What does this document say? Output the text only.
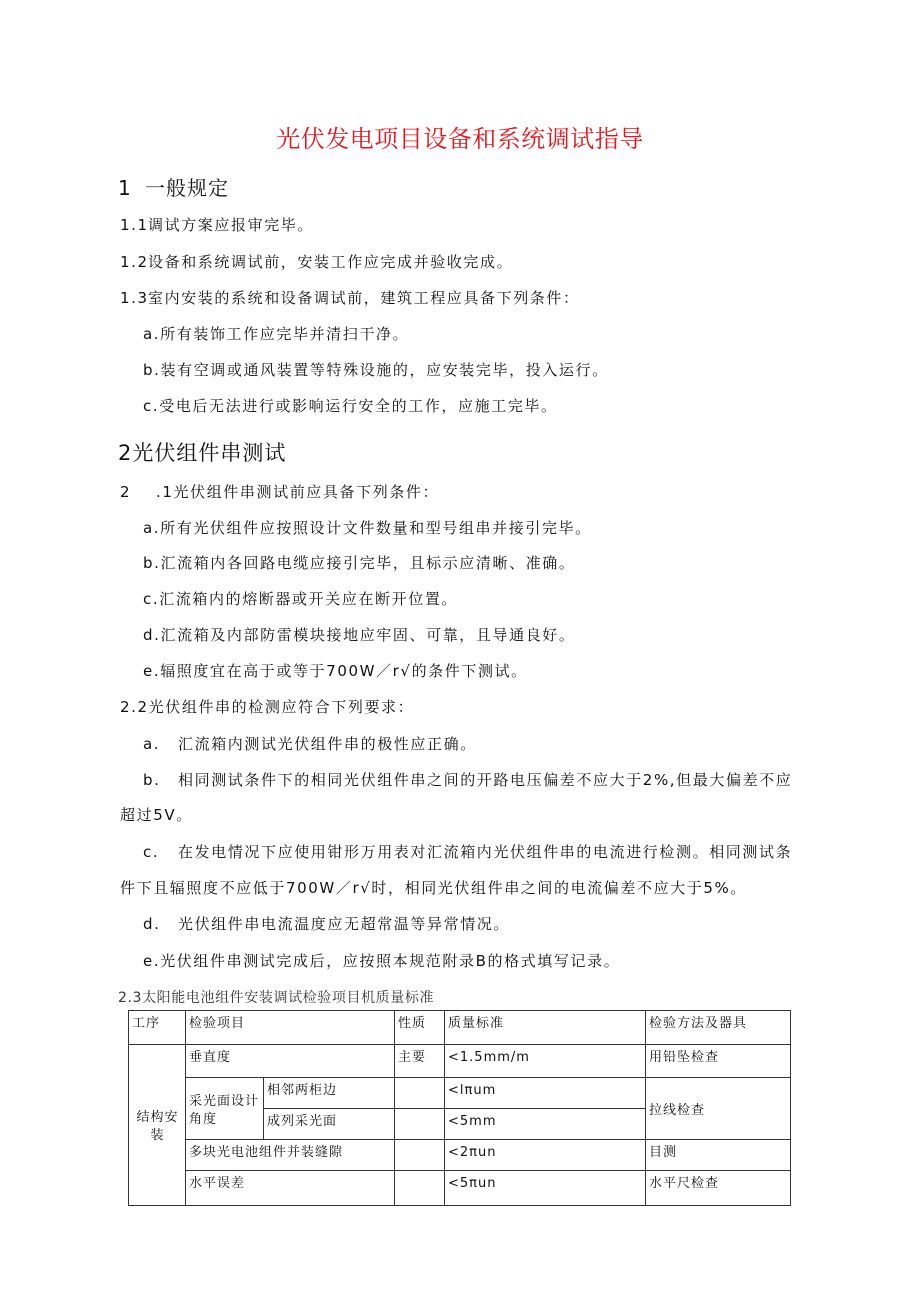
光伏发电项目设备和系统调试指导
1 一般规定
1.1 调试方案应报审完毕。
1.2 设备和系统调试前，安装工作应完成并验收完成。
1.3 室内安装的系统和设备调试前，建筑工程应具备下列条件：
a.所有装饰工作应完毕并清扫干净。
b.装有空调或通风装置等特殊设施的，应安装完毕，投入运行。
c.受电后无法进行或影响运行安全的工作，应施工完毕。
2光伏组件串测试
2 .1光伏组件串测试前应具备下列条件：
a.所有光伏组件应按照设计文件数量和型号组串并接引完毕。
b.汇流箱内各回路电缆应接引完毕，且标示应清晰、准确。
c.汇流箱内的熔断器或开关应在断开位置。
d.汇流箱及内部防雷模块接地应牢固、可靠，且导通良好。
e.辐照度宜在高于或等于700W／r√的条件下测试。
2.2光伏组件串的检测应符合下列要求：
a. 汇流箱内测试光伏组件串的极性应正确。
b. 相同测试条件下的相同光伏组件串之间的开路电压偏差不应大于2%,但最大偏差不应
超过5V。
c. 在发电情况下应使用钳形万用表对汇流箱内光伏组件串的电流进行检测。相同测试条
件下且辐照度不应低于700W／r√时，相同光伏组件串之间的电流偏差不应大于5%。
d. 光伏组件串电流温度应无超常温等异常情况。
e.光伏组件串测试完成后，应按照本规范附录B的格式填写记录。
2.3太阳能电池组件安装调试检验项目机质量标准
工序	检验项目		性质	质量标准	检验方法及器具
结构安装	垂直度		主要	<1.5mm/m	用铅坠检查
	采光面设计角度	相邻两柜边		<lπum	拉线检查
		成列采光面		<5mm	
	多块光电池组件并装缝隙			<2πun	目测
	水平误差			<5πun	水平尺检查
